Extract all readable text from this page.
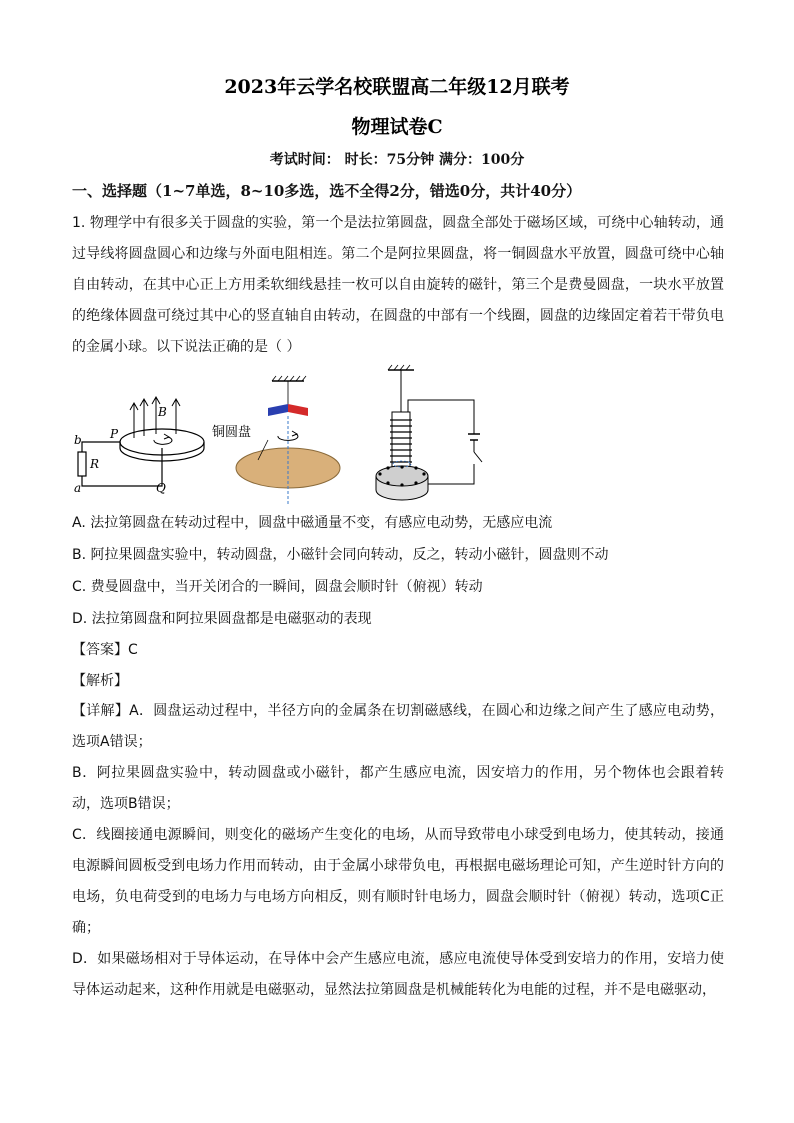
2023年云学名校联盟高二年级12月联考
物理试卷C
考试时间： 时长：75分钟 满分：100分
一、选择题（1~7单选，8~10多选，选不全得2分，错选0分，共计40分）

1. 物理学中有很多关于圆盘的实验，第一个是法拉第圆盘，圆盘全部处于磁场区域，可绕中心轴转动，通过导线将圆盘圆心和边缘与外面电阻相连。第二个是阿拉果圆盘，将一铜圆盘水平放置，圆盘可绕中心轴自由转动，在其中心正上方用柔软细线悬挂一枚可以自由旋转的磁针，第三个是费曼圆盘，一块水平放置的绝缘体圆盘可绕过其中心的竖直轴自由转动，在圆盘的中部有一个线圈，圆盘的边缘固定着若干带负电的金属小球。以下说法正确的是（ ）

b
R
a
P
B
Q
铜圆盘
A. 法拉第圆盘在转动过程中，圆盘中磁通量不变，有感应电动势，无感应电流
B. 阿拉果圆盘实验中，转动圆盘，小磁针会同向转动，反之，转动小磁针，圆盘则不动
C. 费曼圆盘中，当开关闭合的一瞬间，圆盘会顺时针（俯视）转动
D. 法拉第圆盘和阿拉果圆盘都是电磁驱动的表现
【答案】C
【解析】

【详解】A．圆盘运动过程中，半径方向的金属条在切割磁感线，在圆心和边缘之间产生了感应电动势，选项A错误；

B．阿拉果圆盘实验中，转动圆盘或小磁针，都产生感应电流，因安培力的作用，另个物体也会跟着转动，选项B错误；

C．线圈接通电源瞬间，则变化的磁场产生变化的电场，从而导致带电小球受到电场力，使其转动，接通电源瞬间圆板受到电场力作用而转动，由于金属小球带负电，再根据电磁场理论可知，产生逆时针方向的电场，负电荷受到的电场力与电场方向相反，则有顺时针电场力，圆盘会顺时针（俯视）转动，选项C正确；

D．如果磁场相对于导体运动，在导体中会产生感应电流，感应电流使导体受到安培力的作用，安培力使导体运动起来，这种作用就是电磁驱动，显然法拉第圆盘是机械能转化为电能的过程，并不是电磁驱动，
